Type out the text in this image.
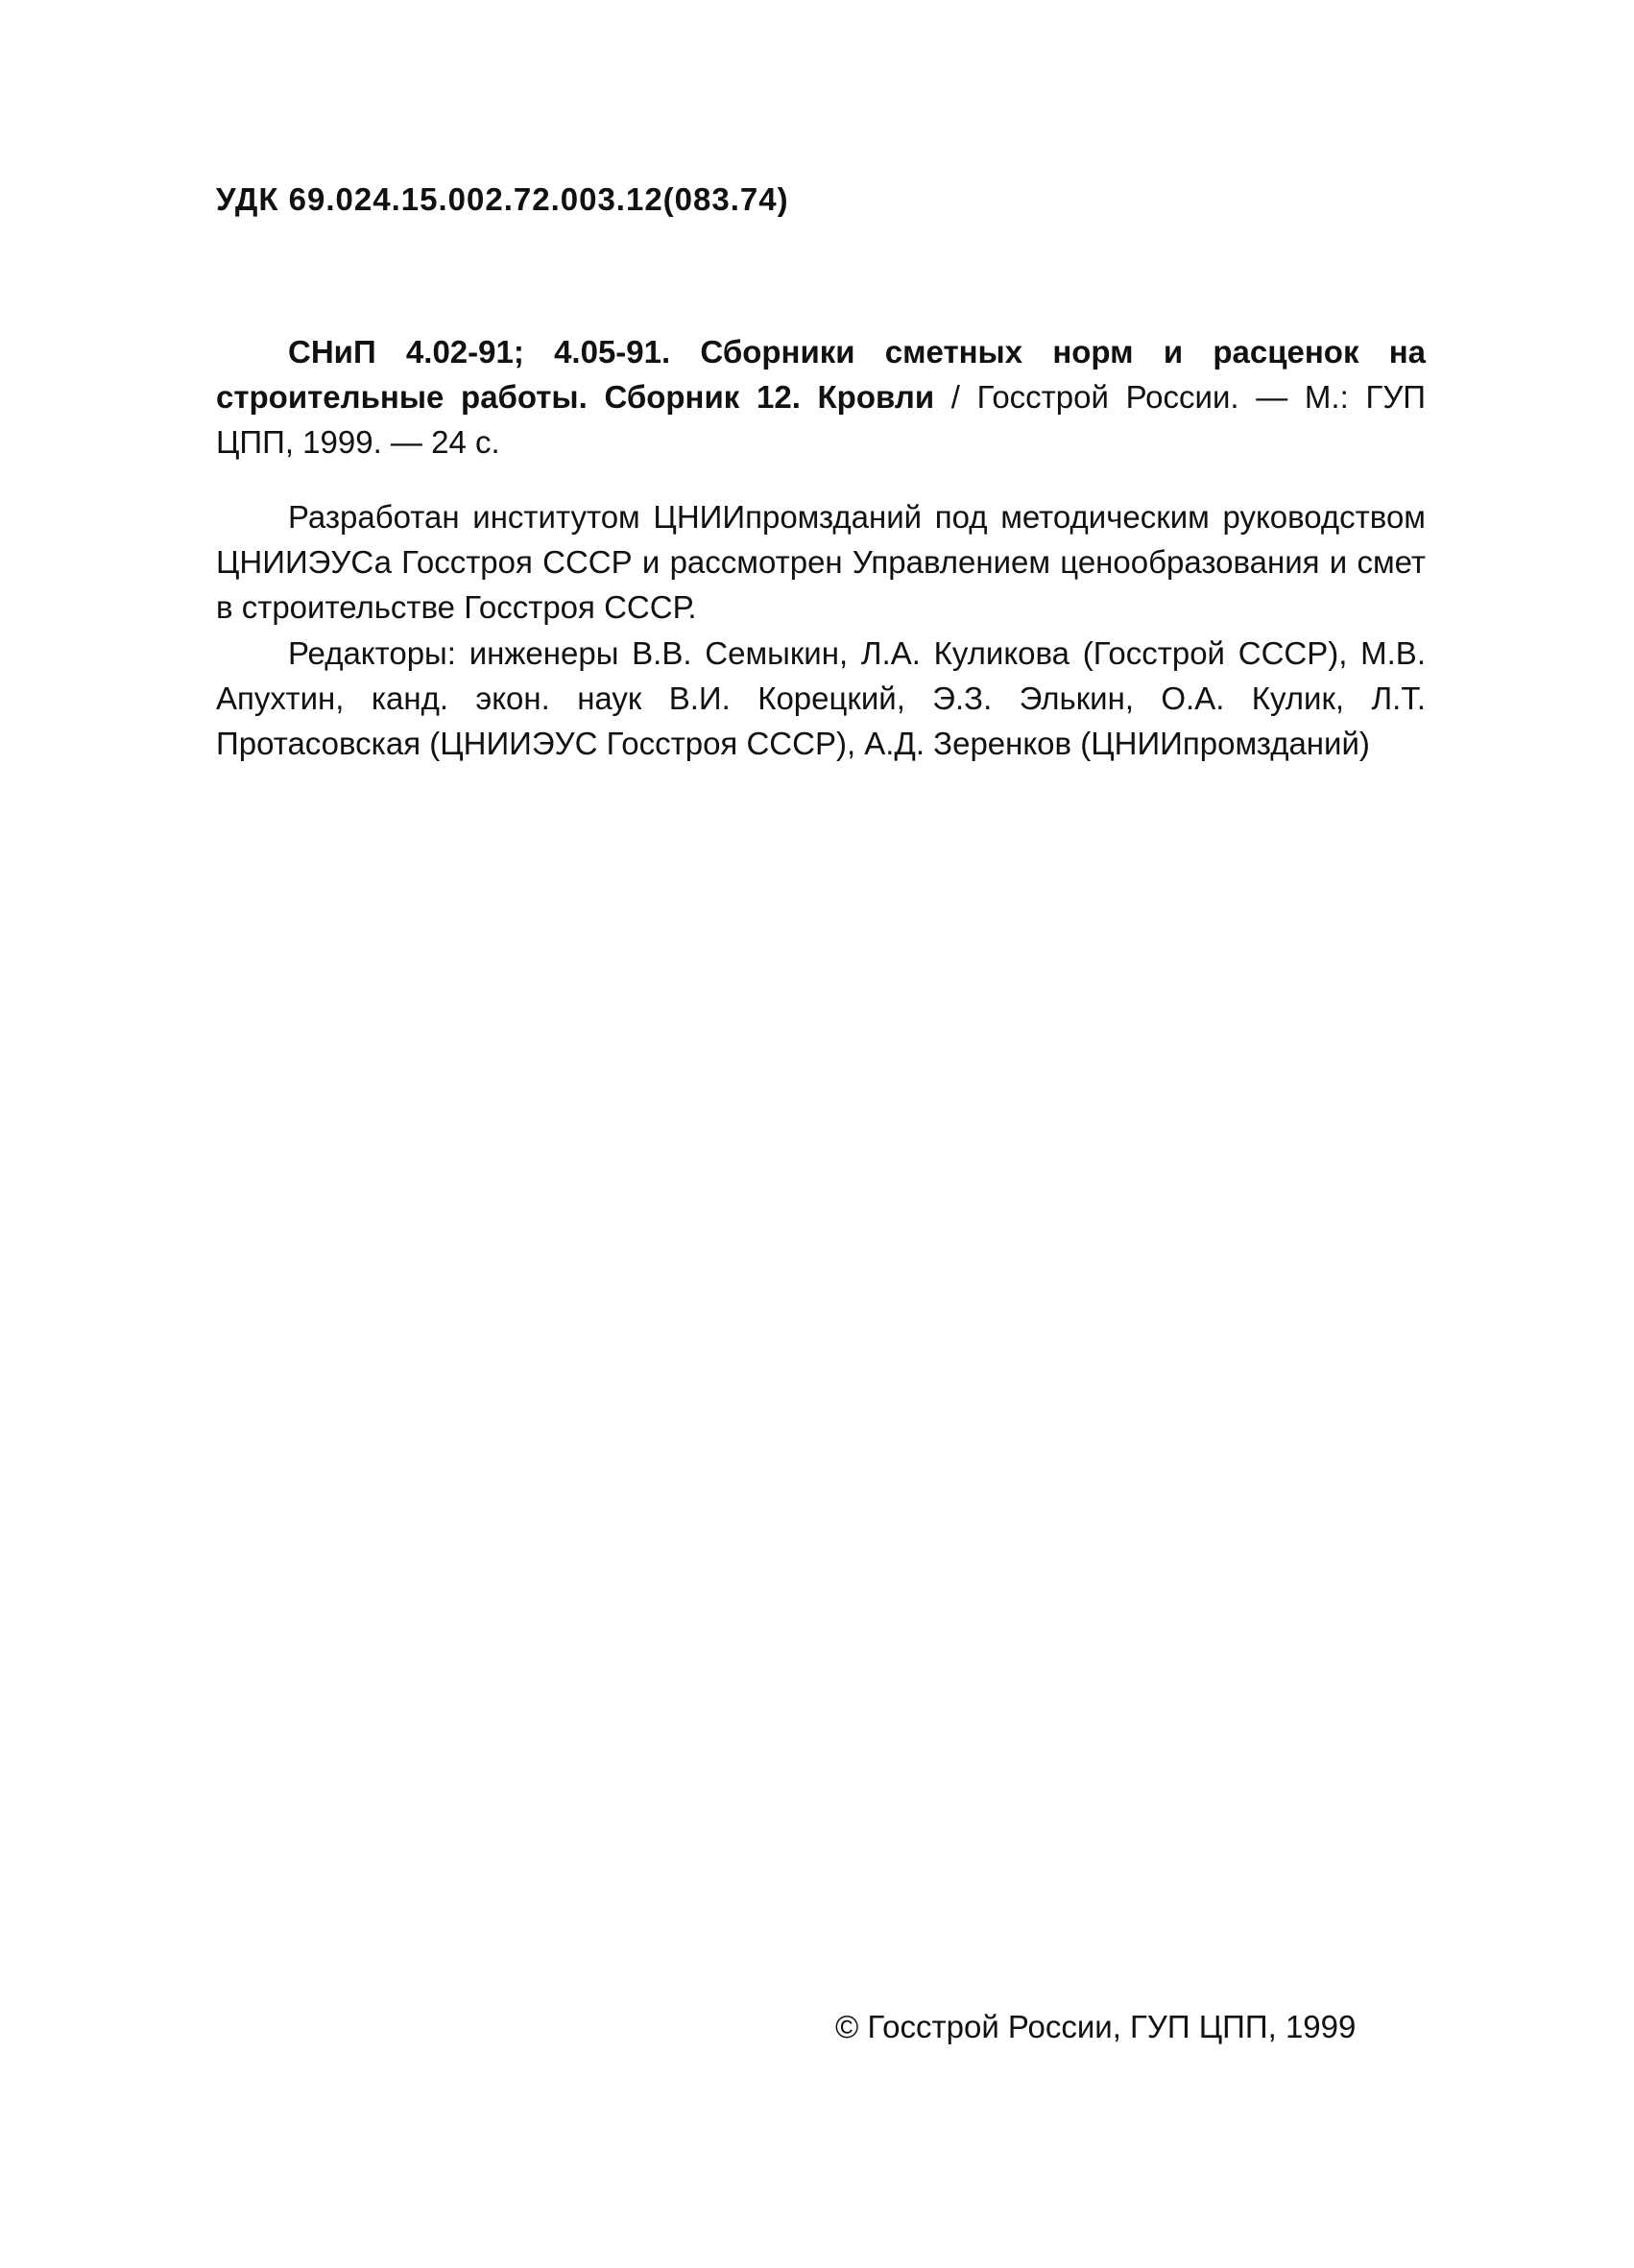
УДК 69.024.15.002.72.003.12(083.74)
СНиП 4.02-91; 4.05-91. Сборники сметных норм и расценок на строительные работы. Сборник 12. Кровли / Госстрой России. — М.: ГУП ЦПП, 1999. — 24 с.

Разработан институтом ЦНИИпромзданий под методическим руководством ЦНИИЭУСа Госстроя СССР и рассмотрен Управлением ценообразования и смет в строительстве Госстроя СССР.

Редакторы: инженеры В.В. Семыкин, Л.А. Куликова (Госстрой СССР), М.В. Апухтин, канд. экон. наук В.И. Корецкий, Э.З. Элькин, О.А. Кулик, Л.Т. Протасовская (ЦНИИЭУС Госстроя СССР), А.Д. Зеренков (ЦНИИпромзданий)

© Госстрой России, ГУП ЦПП, 1999
